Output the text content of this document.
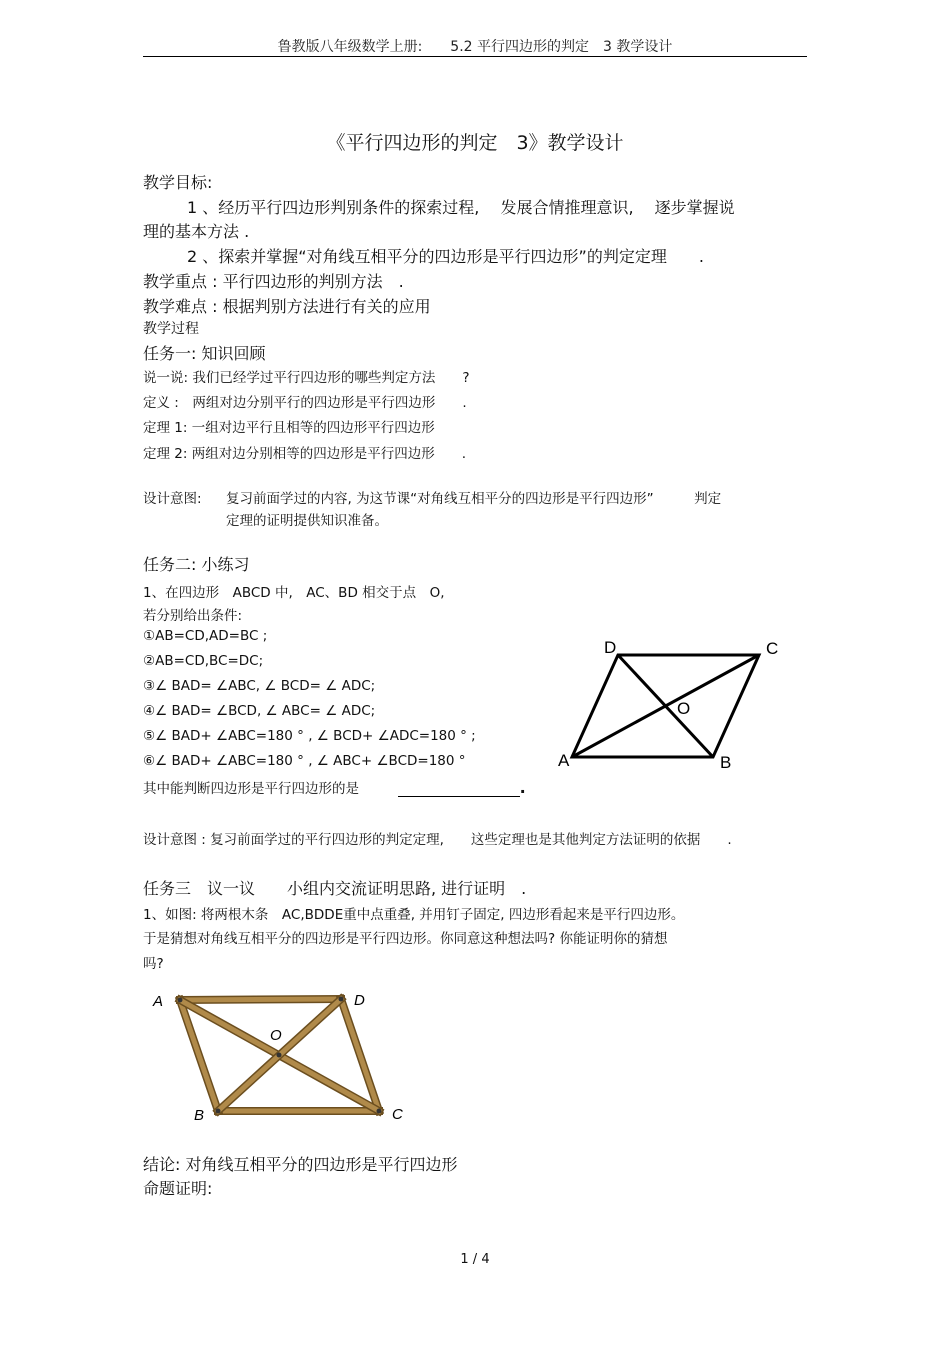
鲁教版八年级数学上册:　　5.2 平行四边形的判定　3 教学设计
《平行四边形的判定　3》教学设计
教学目标:
1 、经历平行四边形判别条件的探索过程,　 发展合情推理意识,　 逐步掌握说
理的基本方法 .
2 、探索并掌握“对角线互相平分的四边形是平行四边形”的判定定理　　.
教学重点 : 平行四边形的判别方法　.
教学难点 : 根据判别方法进行有关的应用
教学过程
任务一: 知识回顾
说一说: 我们已经学过平行四边形的哪些判定方法　　?
定义 :　两组对边分别平行的四边形是平行四边形　　.
定理 1: 一组对边平行且相等的四边形平行四边形
定理 2: 两组对边分别相等的四边形是平行四边形　　.
设计意图: 复习前面学过的内容, 为这节课“对角线互相平分的四边形是平行四边形”　　　判定
定理的证明提供知识准备。
任务二: 小练习
1、在四边形　ABCD 中,　AC、BD 相交于点　O,
若分别给出条件:
①AB=CD,AD=BC ;
②AB=CD,BC=DC;
③∠ BAD= ∠ABC, ∠ BCD= ∠ ADC;
④∠ BAD= ∠BCD, ∠ ABC= ∠ ADC;
⑤∠ BAD+ ∠ABC=180 ° , ∠ BCD+ ∠ADC=180 ° ;
⑥∠ BAD+ ∠ABC=180 ° , ∠ ABC+ ∠BCD=180 °
其中能判断四边形是平行四边形的是	.
D	C
O
A	B
设计意图 : 复习前面学过的平行四边形的判定定理,　　这些定理也是其他判定方法证明的依据　　.
任务三　议一议　　小组内交流证明思路, 进行证明　.
1、如图: 将两根木条　AC,BDDE重中点重叠, 并用钉子固定, 四边形看起来是平行四边形。
于是猜想对角线互相平分的四边形是平行四边形。你同意这种想法吗? 你能证明你的猜想
吗?
A	D
O
B	C
结论: 对角线互相平分的四边形是平行四边形
命题证明:
1 / 4
